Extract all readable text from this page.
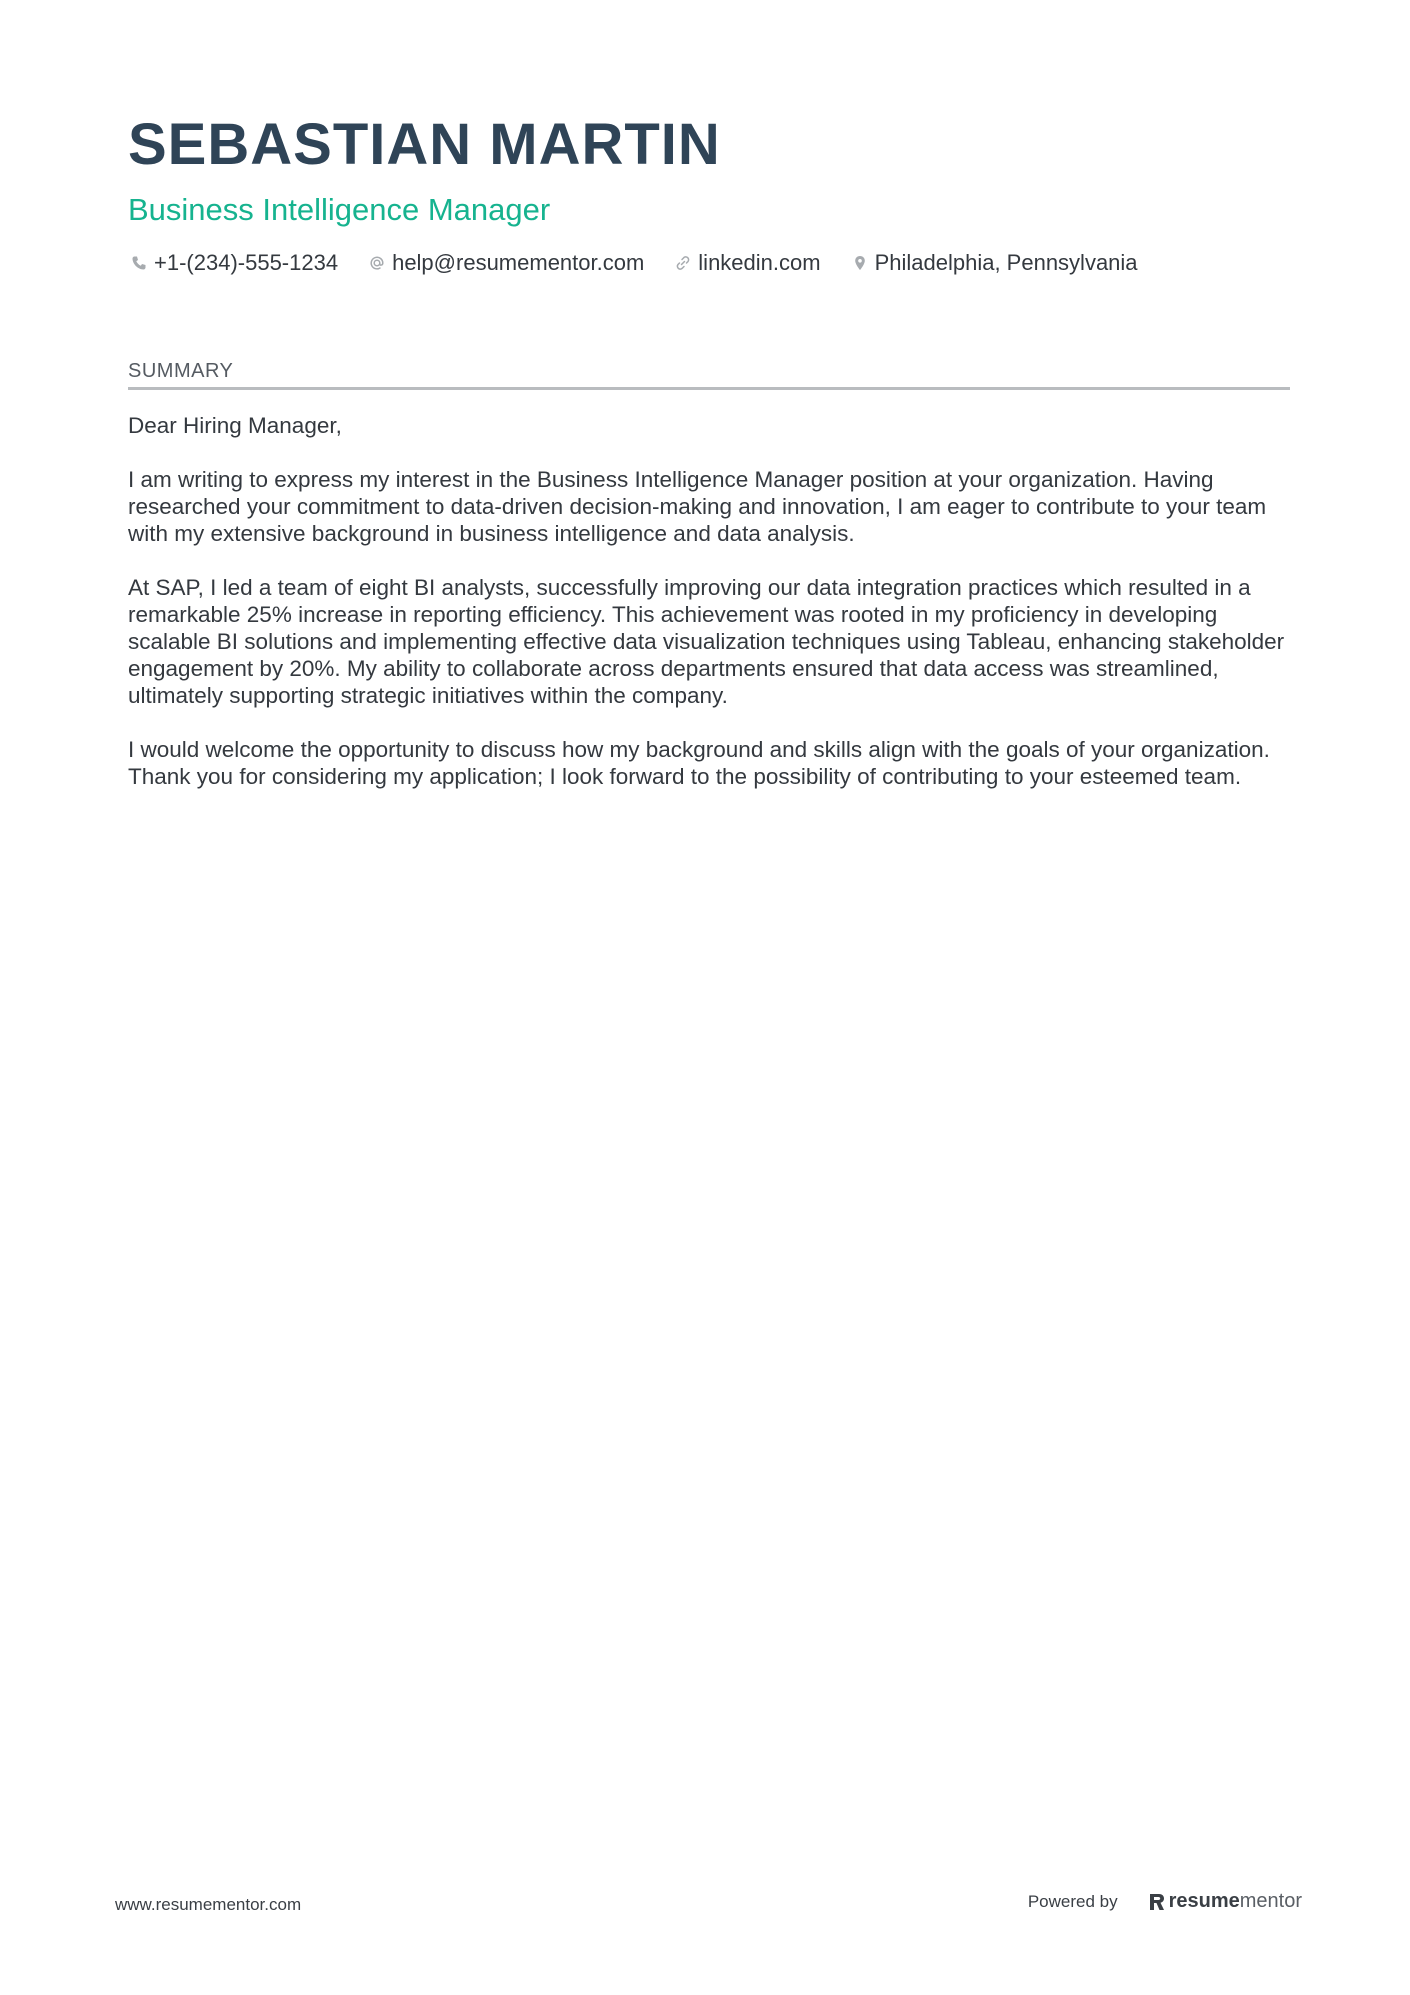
SEBASTIAN MARTIN
Business Intelligence Manager
+1-(234)-555-1234 help@resumementor.com linkedin.com Philadelphia, Pennsylvania
SUMMARY

Dear Hiring Manager,

I am writing to express my interest in the Business Intelligence Manager position at your organization. Having researched your commitment to data-driven decision-making and innovation, I am eager to contribute to your team with my extensive background in business intelligence and data analysis.

At SAP, I led a team of eight BI analysts, successfully improving our data integration practices which resulted in a remarkable 25% increase in reporting efficiency. This achievement was rooted in my proficiency in developing scalable BI solutions and implementing effective data visualization techniques using Tableau, enhancing stakeholder engagement by 20%. My ability to collaborate across departments ensured that data access was streamlined, ultimately supporting strategic initiatives within the company.

I would welcome the opportunity to discuss how my background and skills align with the goals of your organization. Thank you for considering my application; I look forward to the possibility of contributing to your esteemed team.

www.resumementor.com	Powered by	resume mentor
